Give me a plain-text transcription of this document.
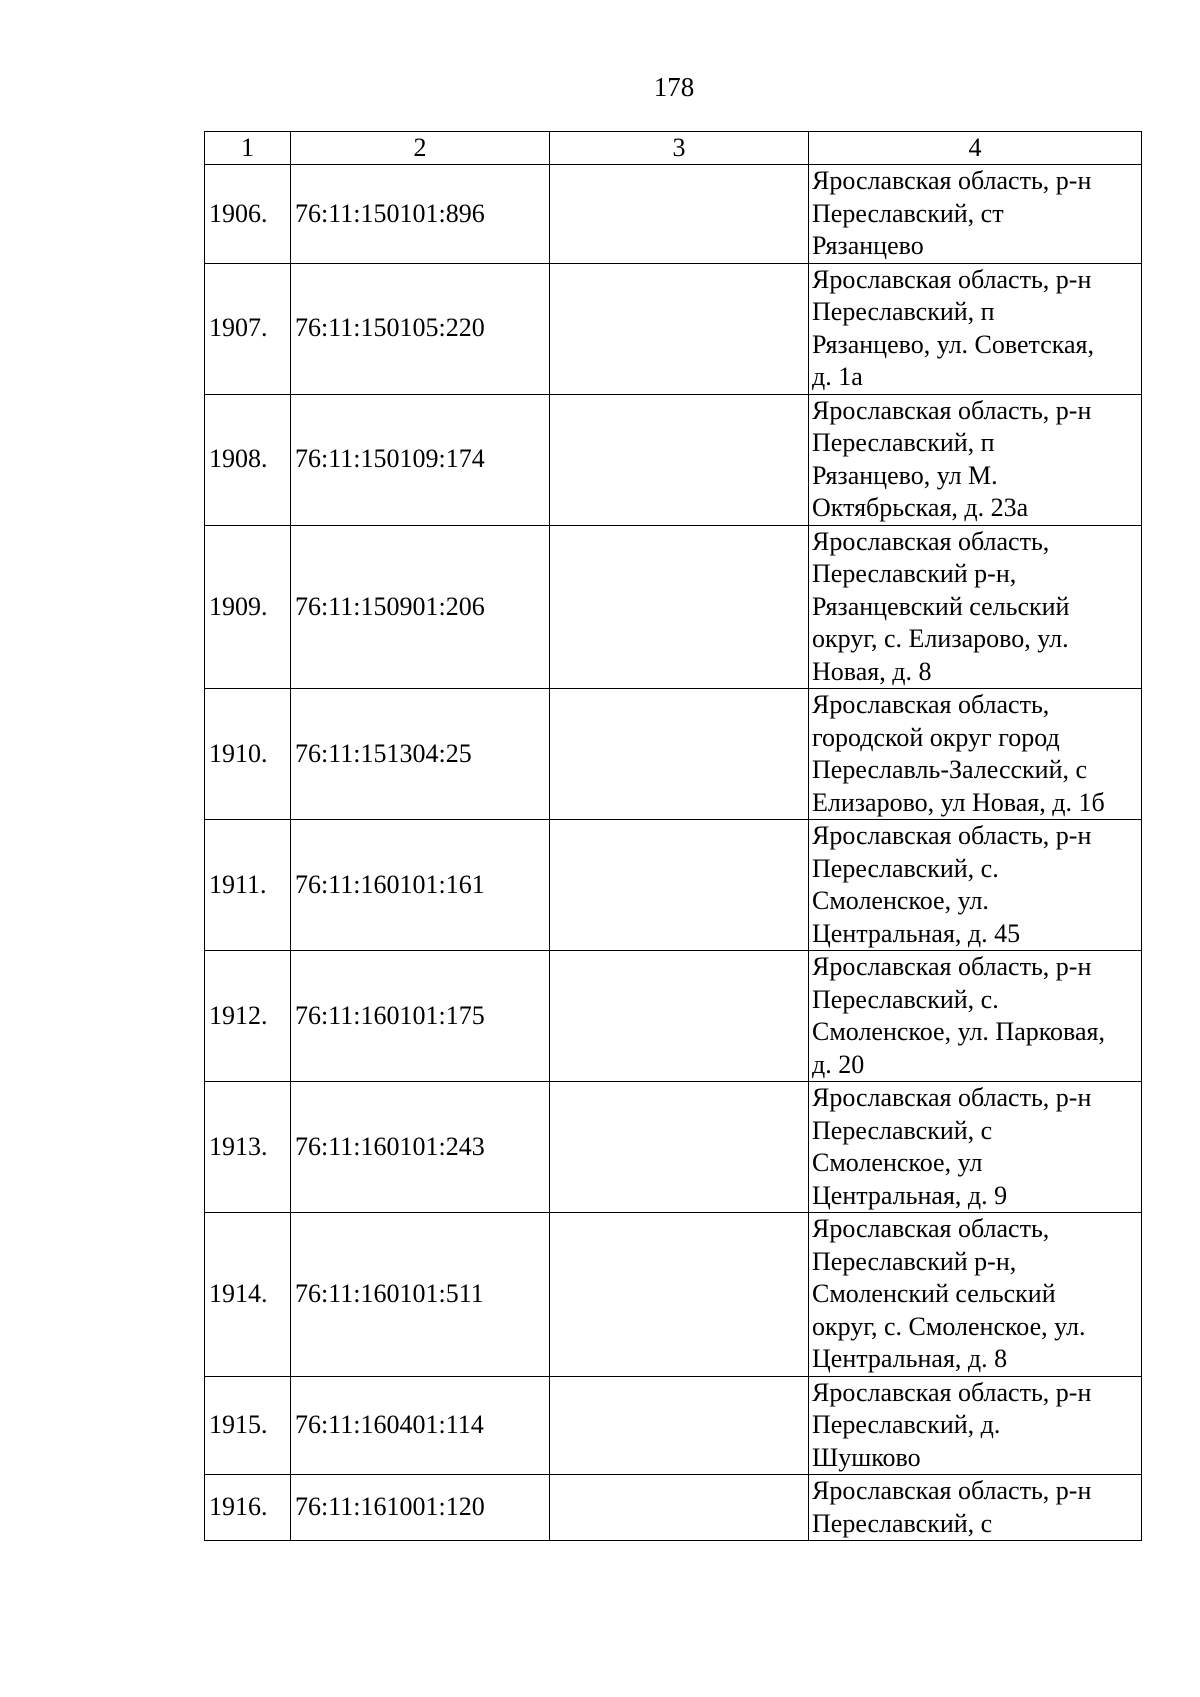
178
1	2	3	4
1906.	76:11:150101:896		Ярославская область, р-н
Переславский, ст
Рязанцево

1907.	76:11:150105:220		Ярославская область, р-н
Переславский, п
Рязанцево, ул. Советская,
д. 1а

1908.	76:11:150109:174		Ярославская область, р-н
Переславский, п
Рязанцево, ул М.
Октябрьская, д. 23а

1909.	76:11:150901:206		Ярославская область,
Переславский р-н,
Рязанцевский сельский
округ, с. Елизарово, ул.
Новая, д. 8

1910.	76:11:151304:25		Ярославская область,
городской округ город
Переславль-Залесский, с
Елизарово, ул Новая, д. 1б

1911.	76:11:160101:161		Ярославская область, р-н
Переславский, с.
Смоленское, ул.
Центральная, д. 45

1912.	76:11:160101:175		Ярославская область, р-н
Переславский, с.
Смоленское, ул. Парковая,
д. 20

1913.	76:11:160101:243		Ярославская область, р-н
Переславский, с
Смоленское, ул
Центральная, д. 9

1914.	76:11:160101:511		Ярославская область,
Переславский р-н,
Смоленский сельский
округ, с. Смоленское, ул.
Центральная, д. 8

1915.	76:11:160401:114		Ярославская область, р-н
Переславский, д.
Шушково

1916.	76:11:161001:120		Ярославская область, р-н
Переславский, с
